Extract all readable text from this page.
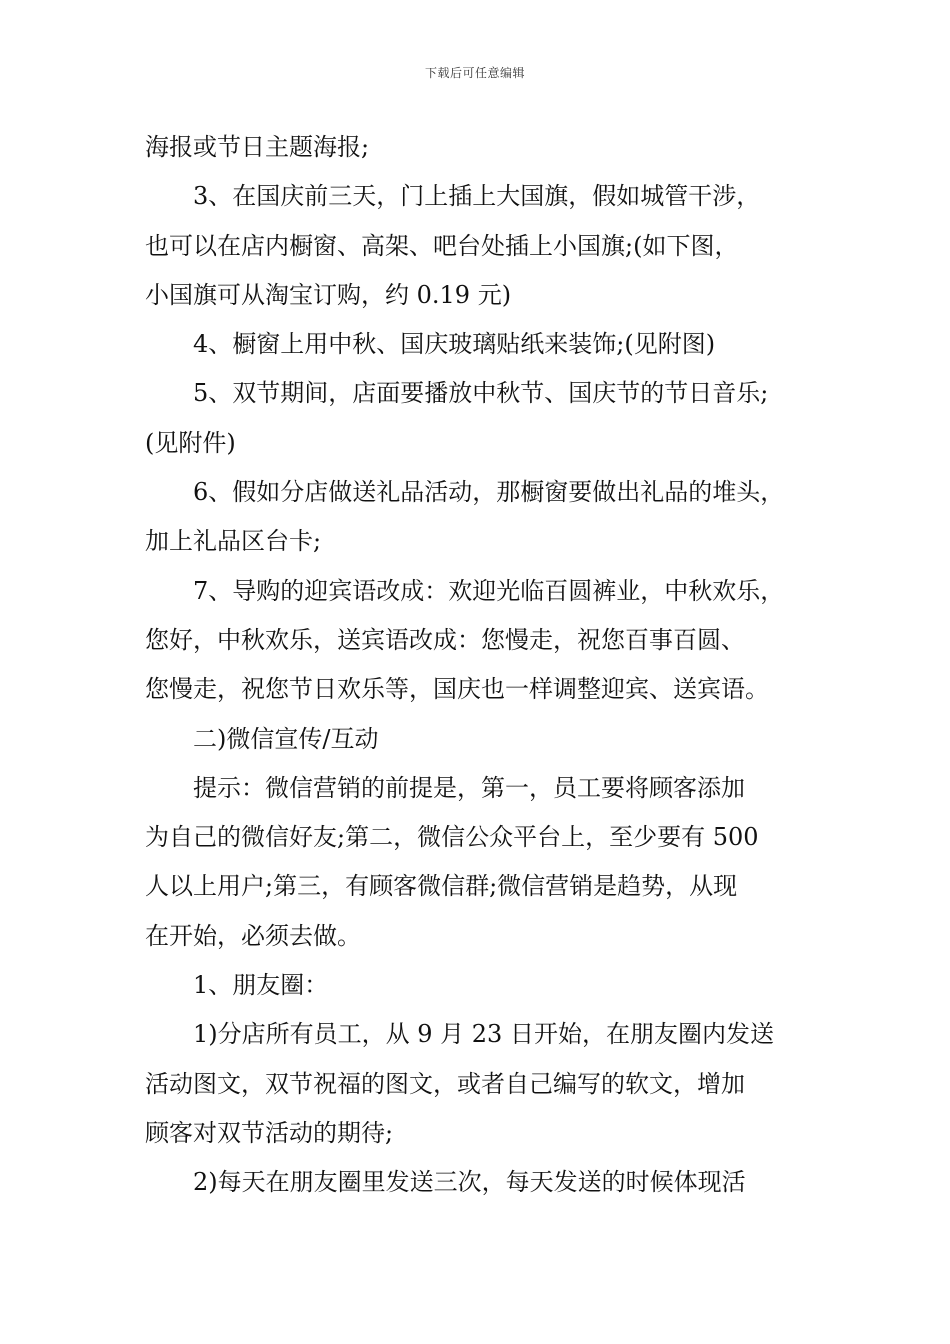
下载后可任意编辑
海报或节日主题海报;
3、在国庆前三天，门上插上大国旗，假如城管干涉，
也可以在店内橱窗、高架、吧台处插上小国旗;(如下图，
小国旗可从淘宝订购，约 0.19 元)
4、橱窗上用中秋、国庆玻璃贴纸来装饰;(见附图)
5、双节期间，店面要播放中秋节、国庆节的节日音乐;
(见附件)
6、假如分店做送礼品活动，那橱窗要做出礼品的堆头，
加上礼品区台卡;
7、导购的迎宾语改成：欢迎光临百圆裤业，中秋欢乐，
您好，中秋欢乐，送宾语改成：您慢走，祝您百事百圆、
您慢走，祝您节日欢乐等，国庆也一样调整迎宾、送宾语。
二)微信宣传/互动
提示：微信营销的前提是，第一，员工要将顾客添加
为自己的微信好友;第二，微信公众平台上，至少要有 500
人以上用户;第三，有顾客微信群;微信营销是趋势，从现
在开始，必须去做。
1、朋友圈：
1)分店所有员工，从 9 月 23 日开始，在朋友圈内发送
活动图文，双节祝福的图文，或者自己编写的软文，增加
顾客对双节活动的期待;
2)每天在朋友圈里发送三次，每天发送的时候体现活
